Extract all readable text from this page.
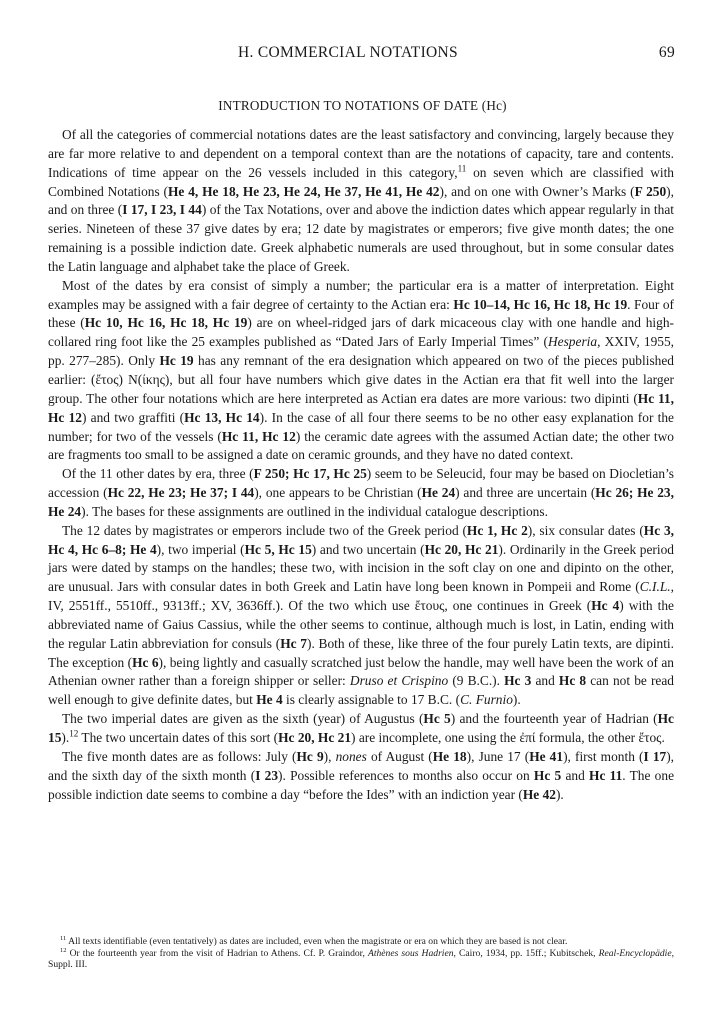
H. COMMERCIAL NOTATIONS	69
INTRODUCTION TO NOTATIONS OF DATE (Hc)

Of all the categories of commercial notations dates are the least satisfactory and convincing, largely because they are far more relative to and dependent on a temporal context than are the notations of capacity, tare and contents. Indications of time appear on the 26 vessels included in this category,$^{11}$ on seven which are classified with Combined Notations (He 4, He 18, He 23, He 24, He 37, He 41, He 42), and on one with Owner’s Marks (F 250), and on three (I 17, I 23, I 44) of the Tax Notations, over and above the indiction dates which appear regularly in that series. Nineteen of these 37 give dates by era; 12 date by magistrates or emperors; five give month dates; the one remaining is a possible indiction date. Greek alphabetic numerals are used throughout, but in some consular dates the Latin language and alphabet take the place of Greek.

Most of the dates by era consist of simply a number; the particular era is a matter of interpretation. Eight examples may be assigned with a fair degree of certainty to the Actian era: Hc 10–14, Hc 16, Hc 18, Hc 19. Four of these (Hc 10, Hc 16, Hc 18, Hc 19) are on wheel-ridged jars of dark micaceous clay with one handle and high-collared ring foot like the 25 examples published as “Dated Jars of Early Imperial Times” (Hesperia, XXIV, 1955, pp. 277–285). Only Hc 19 has any remnant of the era designation which appeared on two of the pieces published earlier: (ἔτος) Ν(ίκης), but all four have numbers which give dates in the Actian era that fit well into the larger group. The other four notations which are here interpreted as Actian era dates are more various: two dipinti (Hc 11, Hc 12) and two graffiti (Hc 13, Hc 14). In the case of all four there seems to be no other easy explanation for the number; for two of the vessels (Hc 11, Hc 12) the ceramic date agrees with the assumed Actian date; the other two are fragments too small to be assigned a date on ceramic grounds, and they have no dated context.

Of the 11 other dates by era, three (F 250; Hc 17, Hc 25) seem to be Seleucid, four may be based on Diocletian’s accession (Hc 22, He 23; He 37; I 44), one appears to be Christian (He 24) and three are uncertain (Hc 26; He 23, He 24). The bases for these assignments are outlined in the individual catalogue descriptions.

The 12 dates by magistrates or emperors include two of the Greek period (Hc 1, Hc 2), six consular dates (Hc 3, Hc 4, Hc 6–8; He 4), two imperial (Hc 5, Hc 15) and two uncertain (Hc 20, Hc 21). Ordinarily in the Greek period jars were dated by stamps on the handles; these two, with incision in the soft clay on one and dipinto on the other, are unusual. Jars with consular dates in both Greek and Latin have long been known in Pompeii and Rome (C.I.L., IV, 2551ff., 5510ff., 9313ff.; XV, 3636ff.). Of the two which use ἔτους, one continues in Greek (Hc 4) with the abbreviated name of Gaius Cassius, while the other seems to continue, although much is lost, in Latin, ending with the regular Latin abbreviation for consuls (Hc 7). Both of these, like three of the four purely Latin texts, are dipinti. The exception (Hc 6), being lightly and casually scratched just below the handle, may well have been the work of an Athenian owner rather than a foreign shipper or seller: Druso et Crispino (9 B.C.). Hc 3 and Hc 8 can not be read well enough to give definite dates, but He 4 is clearly assignable to 17 B.C. (C. Furnio).

The two imperial dates are given as the sixth (year) of Augustus (Hc 5) and the fourteenth year of Hadrian (Hc 15).$^{12}$ The two uncertain dates of this sort (Hc 20, Hc 21) are incomplete, one using the ἐπί formula, the other ἔτος.

The five month dates are as follows: July (Hc 9), nones of August (He 18), June 17 (He 41), first month (I 17), and the sixth day of the sixth month (I 23). Possible references to months also occur on Hc 5 and Hc 11. The one possible indiction date seems to combine a day “before the Ides” with an indiction year (He 42).

$^{11}$ All texts identifiable (even tentatively) as dates are included, even when the magistrate or era on which they are based is not clear.

$^{12}$ Or the fourteenth year from the visit of Hadrian to Athens. Cf. P. Graindor, Athènes sous Hadrien, Cairo, 1934, pp. 15ff.; Kubitschek, Real-Encyclopädie, Suppl. III.
